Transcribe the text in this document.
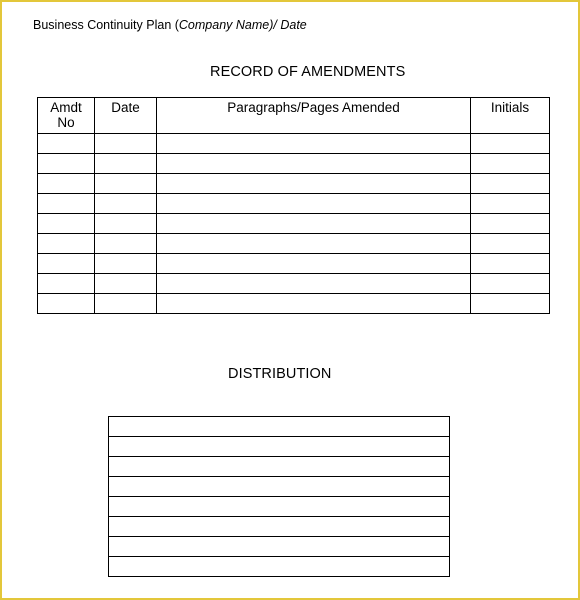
Business Continuity Plan (Company Name)/ Date
RECORD OF AMENDMENTS
Amdt No	Date	Paragraphs/Pages Amended	Initials

DISTRIBUTION
